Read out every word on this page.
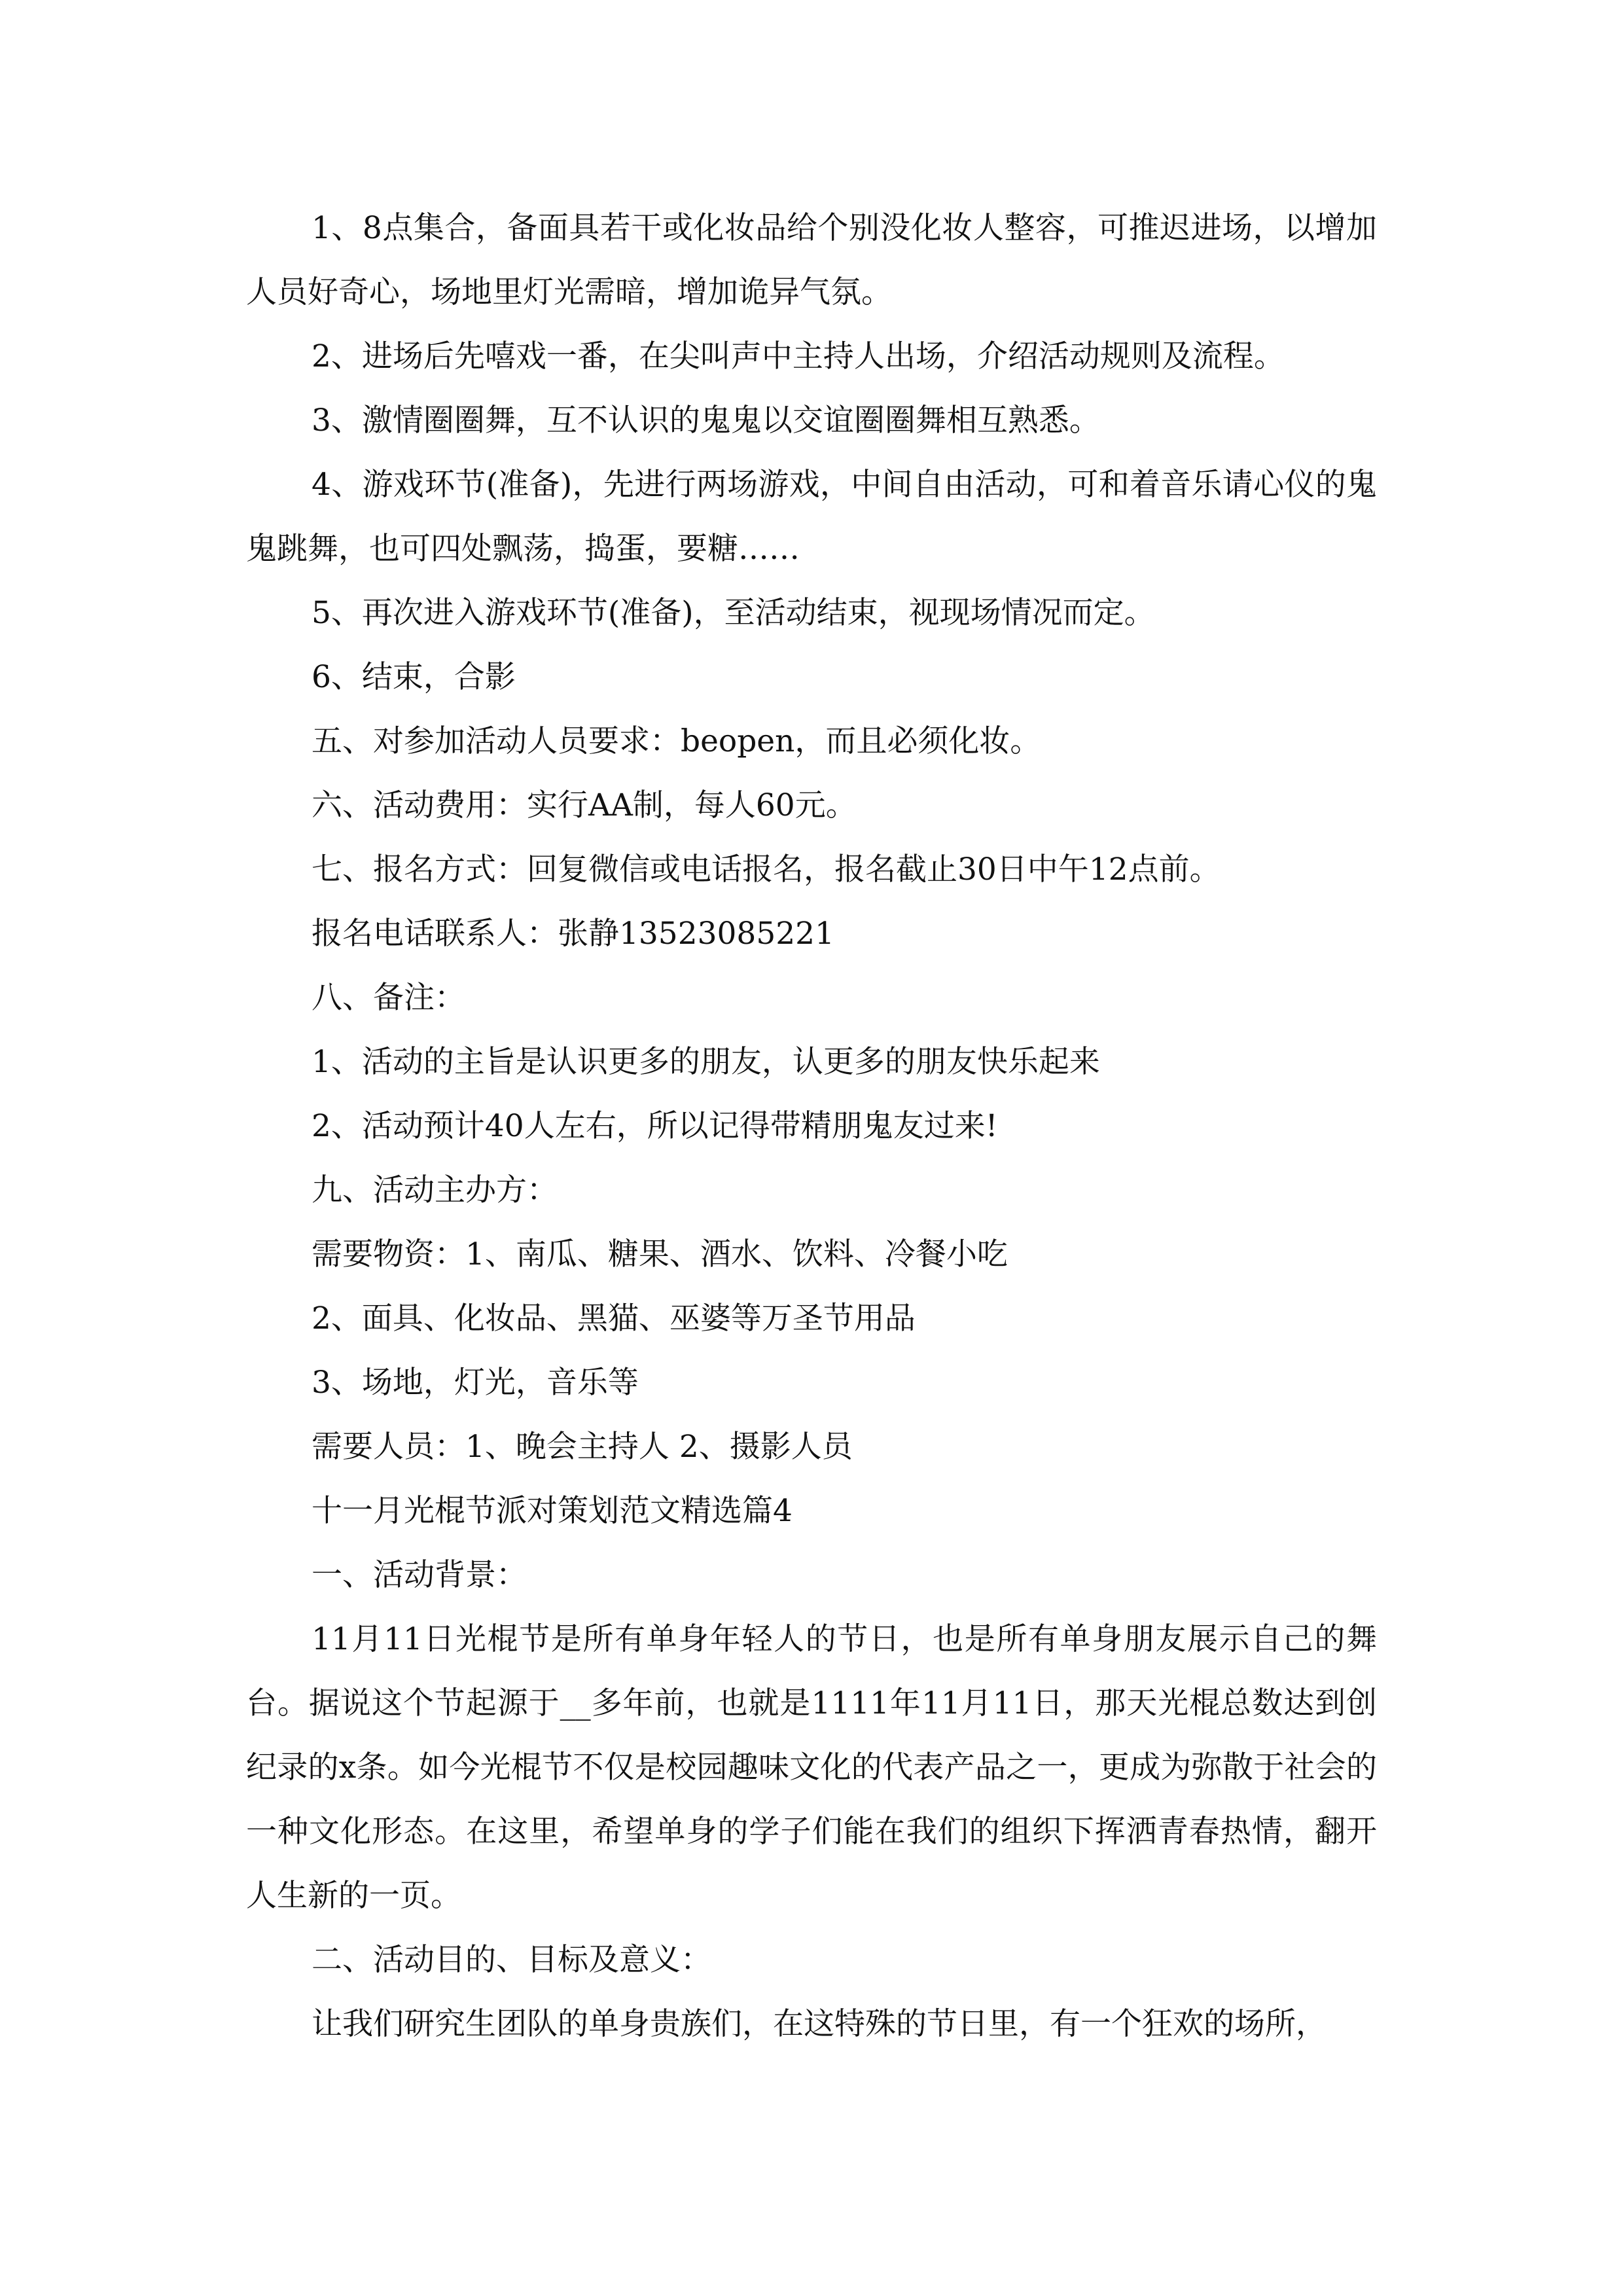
1、8点集合，备面具若干或化妆品给个别没化妆人整容，可推迟进场，以增加人员好奇心，场地里灯光需暗，增加诡异气氛。

2、进场后先嘻戏一番，在尖叫声中主持人出场，介绍活动规则及流程。

3、激情圈圈舞，互不认识的鬼鬼以交谊圈圈舞相互熟悉。

4、游戏环节(准备)，先进行两场游戏，中间自由活动，可和着音乐请心仪的鬼鬼跳舞，也可四处飘荡，捣蛋，要糖……

5、再次进入游戏环节(准备)，至活动结束，视现场情况而定。

6、结束，合影

五、对参加活动人员要求：beopen，而且必须化妆。

六、活动费用：实行AA制，每人60元。

七、报名方式：回复微信或电话报名，报名截止30日中午12点前。

报名电话联系人：张静13523085221

八、备注：

1、活动的主旨是认识更多的朋友，认更多的朋友快乐起来

2、活动预计40人左右，所以记得带精朋鬼友过来!

九、活动主办方：

需要物资：1、南瓜、糖果、酒水、饮料、冷餐小吃

2、面具、化妆品、黑猫、巫婆等万圣节用品

3、场地，灯光，音乐等

需要人员：1、晚会主持人 2、摄影人员

十一月光棍节派对策划范文精选篇4

一、活动背景：

11月11日光棍节是所有单身年轻人的节日，也是所有单身朋友展示自己的舞台。据说这个节起源于__多年前，也就是1111年11月11日，那天光棍总数达到创纪录的x条。如今光棍节不仅是校园趣味文化的代表产品之一，更成为弥散于社会的一种文化形态。在这里，希望单身的学子们能在我们的组织下挥洒青春热情，翻开人生新的一页。

二、活动目的、目标及意义：

让我们研究生团队的单身贵族们，在这特殊的节日里，有一个狂欢的场所，
